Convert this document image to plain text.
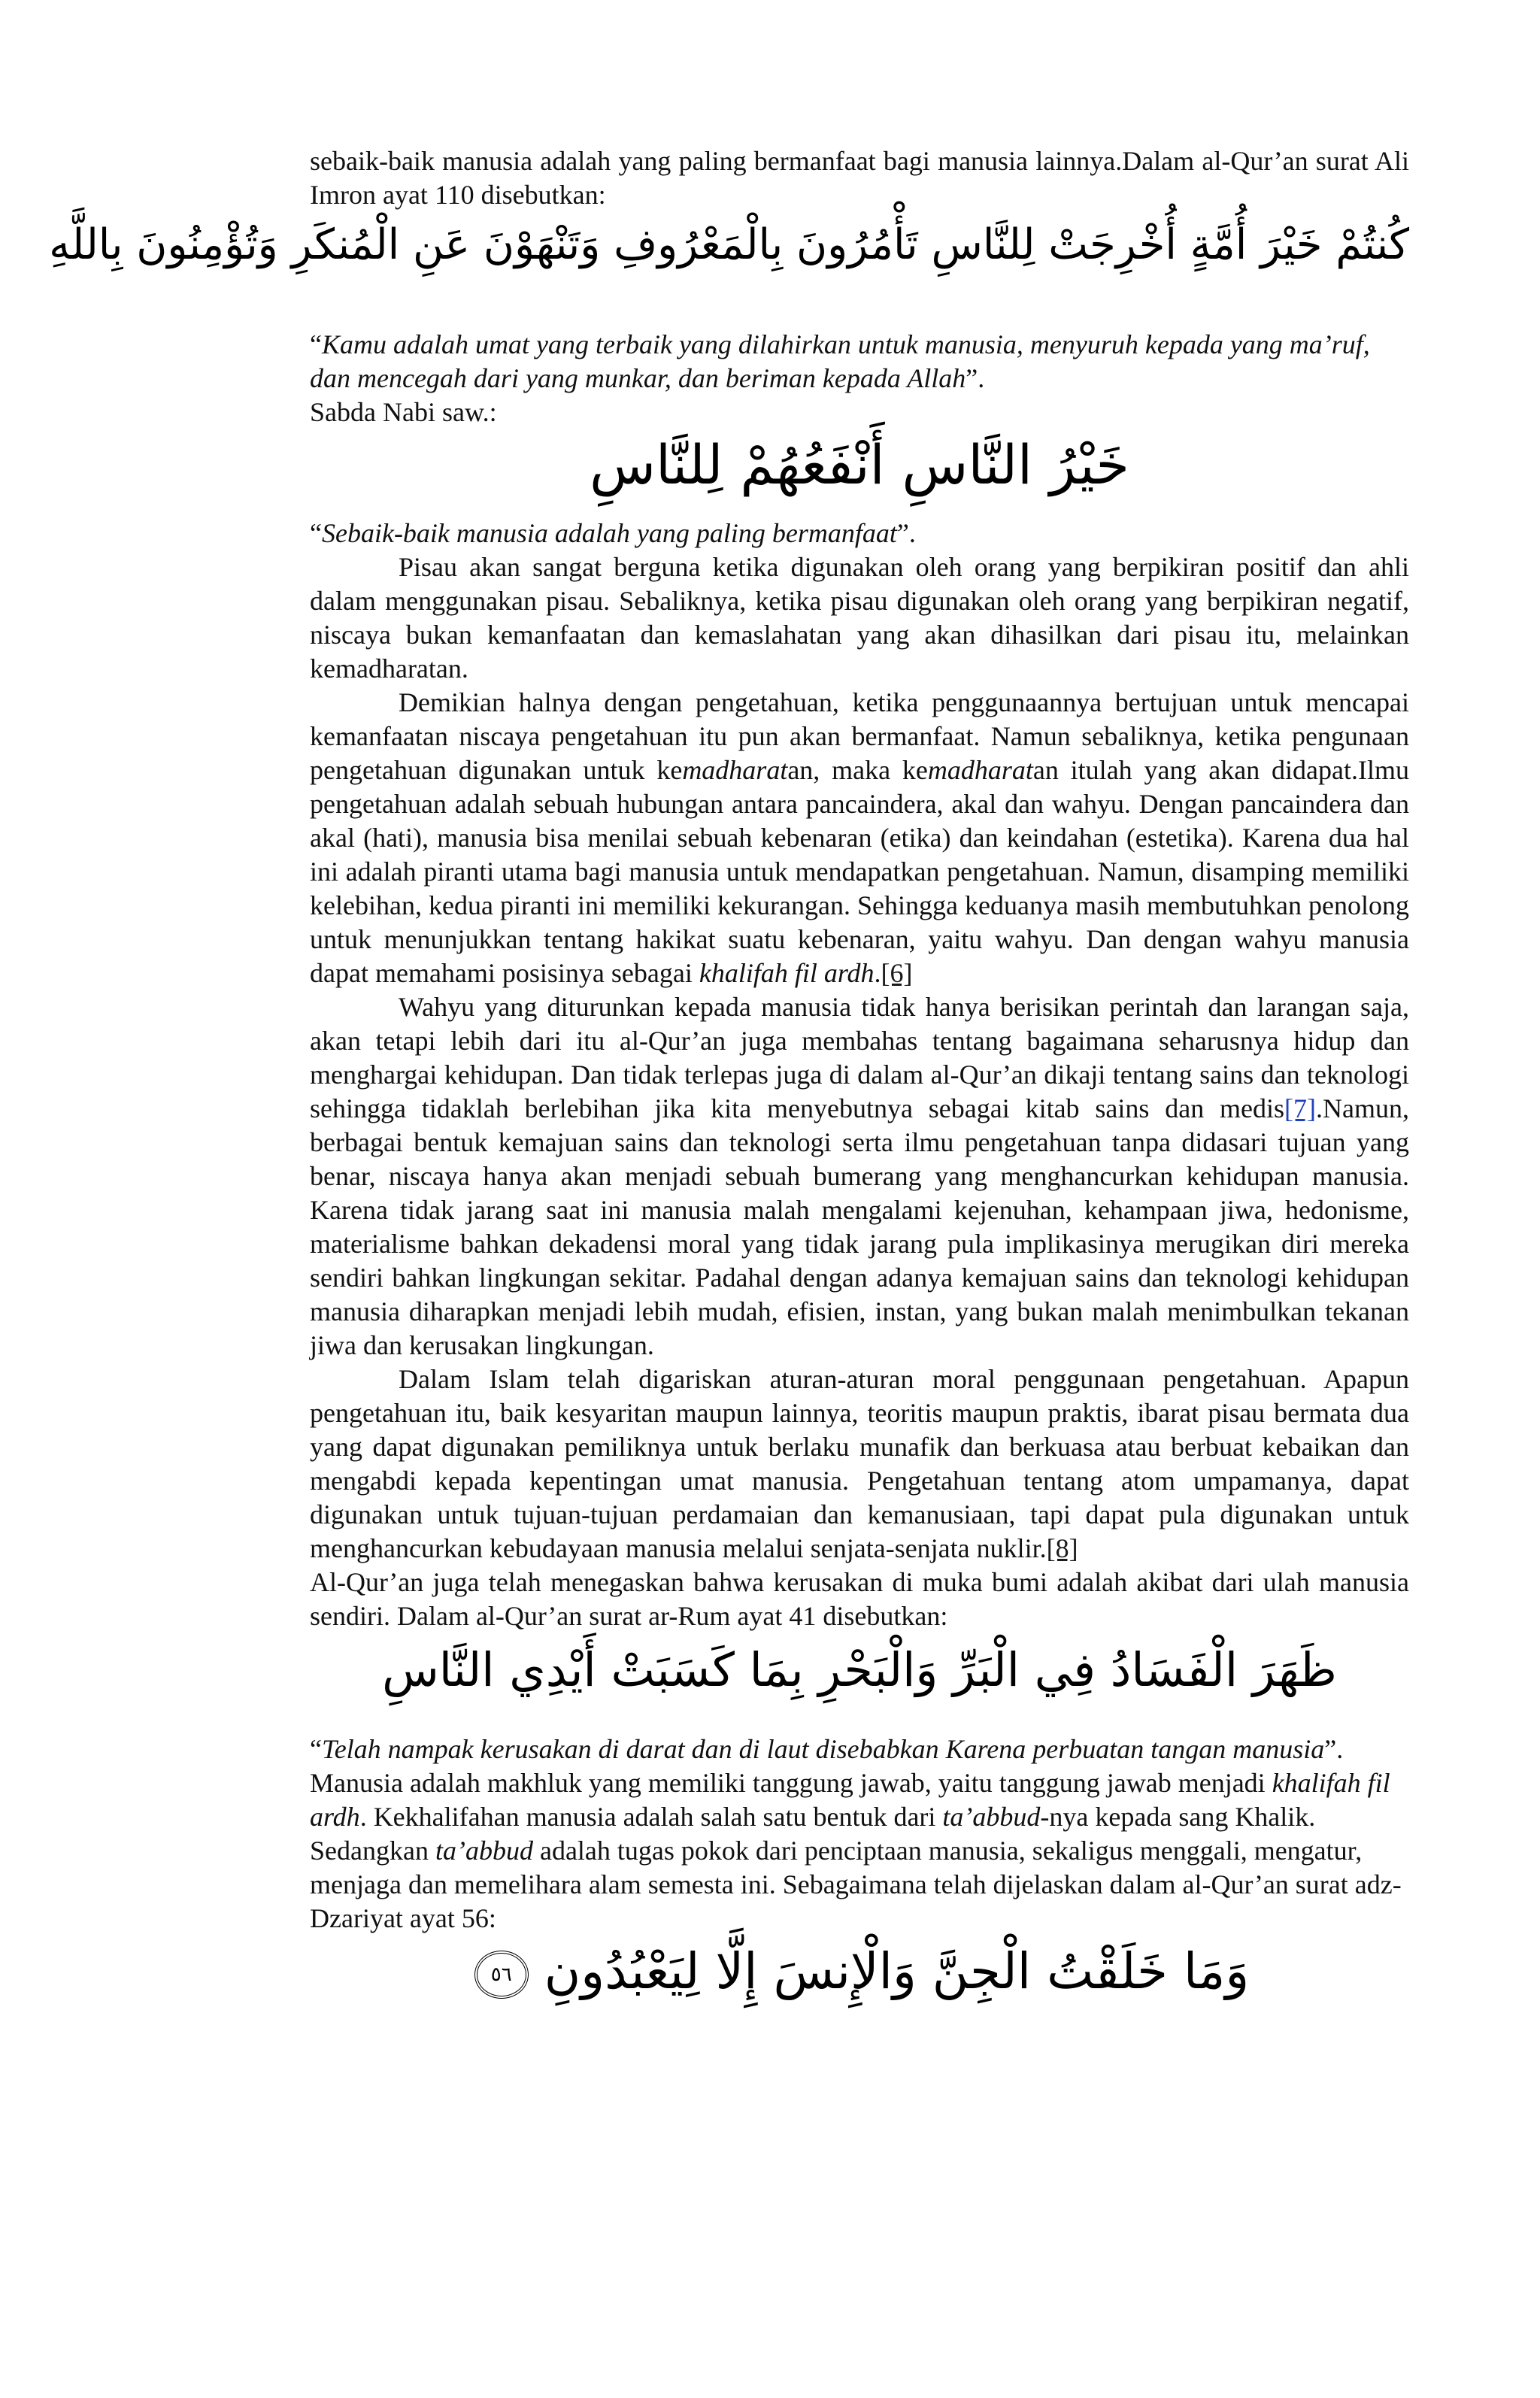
sebaik-baik manusia adalah yang paling bermanfaat bagi manusia lainnya.Dalam al-Qur’an surat Ali Imron ayat 110 disebutkan:

كُنتُمْ خَيْرَ أُمَّةٍ أُخْرِجَتْ لِلنَّاسِ تَأْمُرُونَ بِالْمَعْرُوفِ وَتَنْهَوْنَ عَنِ الْمُنكَرِ وَتُؤْمِنُونَ بِاللَّهِ

“Kamu adalah umat yang terbaik yang dilahirkan untuk manusia, menyuruh kepada yang ma’ruf, dan mencegah dari yang munkar, dan beriman kepada Allah”.

Sabda Nabi saw.:

خَيْرُ النَّاسِ أَنْفَعُهُمْ لِلنَّاسِ

“Sebaik-baik manusia adalah yang paling bermanfaat”.

Pisau akan sangat berguna ketika digunakan oleh orang yang berpikiran positif dan ahli dalam menggunakan pisau. Sebaliknya, ketika pisau digunakan oleh orang yang berpikiran negatif, niscaya bukan kemanfaatan dan kemaslahatan yang akan dihasilkan dari pisau itu, melainkan kemadharatan.

Demikian halnya dengan pengetahuan, ketika penggunaannya bertujuan untuk mencapai kemanfaatan niscaya pengetahuan itu pun akan bermanfaat. Namun sebaliknya, ketika pengunaan pengetahuan digunakan untuk kemadharatan, maka kemadharatan itulah yang akan didapat.Ilmu pengetahuan adalah sebuah hubungan antara pancaindera, akal dan wahyu. Dengan pancaindera dan akal (hati), manusia bisa menilai sebuah kebenaran (etika) dan keindahan (estetika). Karena dua hal ini adalah piranti utama bagi manusia untuk mendapatkan pengetahuan. Namun, disamping memiliki kelebihan, kedua piranti ini memiliki kekurangan. Sehingga keduanya masih membutuhkan penolong untuk menunjukkan tentang hakikat suatu kebenaran, yaitu wahyu. Dan dengan wahyu manusia dapat memahami posisinya sebagai khalifah fil ardh.[6]

Wahyu yang diturunkan kepada manusia tidak hanya berisikan perintah dan larangan saja, akan tetapi lebih dari itu al-Qur’an juga membahas tentang bagaimana seharusnya hidup dan menghargai kehidupan. Dan tidak terlepas juga di dalam al-Qur’an dikaji tentang sains dan teknologi sehingga tidaklah berlebihan jika kita menyebutnya sebagai kitab sains dan medis[7].Namun, berbagai bentuk kemajuan sains dan teknologi serta ilmu pengetahuan tanpa didasari tujuan yang benar, niscaya hanya akan menjadi sebuah bumerang yang menghancurkan kehidupan manusia. Karena tidak jarang saat ini manusia malah mengalami kejenuhan, kehampaan jiwa, hedonisme, materialisme bahkan dekadensi moral yang tidak jarang pula implikasinya merugikan diri mereka sendiri bahkan lingkungan sekitar. Padahal dengan adanya kemajuan sains dan teknologi kehidupan manusia diharapkan menjadi lebih mudah, efisien, instan, yang bukan malah menimbulkan tekanan jiwa dan kerusakan lingkungan.

Dalam Islam telah digariskan aturan-aturan moral penggunaan pengetahuan. Apapun pengetahuan itu, baik kesyaritan maupun lainnya, teoritis maupun praktis, ibarat pisau bermata dua yang dapat digunakan pemiliknya untuk berlaku munafik dan berkuasa atau berbuat kebaikan dan mengabdi kepada kepentingan umat manusia. Pengetahuan tentang atom umpamanya, dapat digunakan untuk tujuan-tujuan perdamaian dan kemanusiaan, tapi dapat pula digunakan untuk menghancurkan kebudayaan manusia melalui senjata-senjata nuklir.[8]

Al-Qur’an juga telah menegaskan bahwa kerusakan di muka bumi adalah akibat dari ulah manusia sendiri. Dalam al-Qur’an surat ar-Rum ayat 41 disebutkan:

ظَهَرَ الْفَسَادُ فِي الْبَرِّ وَالْبَحْرِ بِمَا كَسَبَتْ أَيْدِي النَّاسِ

“Telah nampak kerusakan di darat dan di laut disebabkan Karena perbuatan tangan manusia”.

Manusia adalah makhluk yang memiliki tanggung jawab, yaitu tanggung jawab menjadi khalifah fil ardh. Kekhalifahan manusia adalah salah satu bentuk dari ta’abbud-nya kepada sang Khalik. Sedangkan ta’abbud adalah tugas pokok dari penciptaan manusia, sekaligus menggali, mengatur, menjaga dan memelihara alam semesta ini. Sebagaimana telah dijelaskan dalam al-Qur’an surat adz-Dzariyat ayat 56:

وَمَا خَلَقْتُ الْجِنَّ وَالْإِنسَ إِلَّا لِيَعْبُدُونِ
٥٦
